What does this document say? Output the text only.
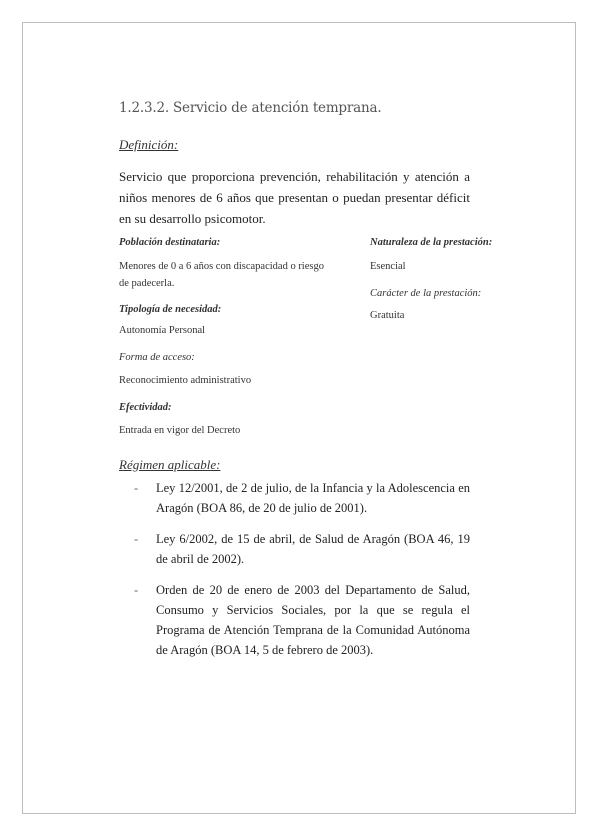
1.2.3.2. Servicio de atención temprana.
Definición:
Servicio que proporciona prevención, rehabilitación y atención a niños menores de 6 años que presentan o puedan presentar déficit en su desarrollo psicomotor.
Población destinataria:
Menores de 0 a 6 años con discapacidad o riesgo de padecerla.
Tipología de necesidad:
Autonomía Personal
Forma de acceso:
Reconocimiento administrativo
Efectividad:
Entrada en vigor del Decreto
Naturaleza de la prestación:
Esencial
Carácter de la prestación:
Gratuita
Régimen aplicable:
- Ley 12/2001, de 2 de julio, de la Infancia y la Adolescencia en Aragón (BOA 86, de 20 de julio de 2001).
- Ley 6/2002, de 15 de abril, de Salud de Aragón (BOA 46, 19 de abril de 2002).
- Orden de 20 de enero de 2003 del Departamento de Salud, Consumo y Servicios Sociales, por la que se regula el Programa de Atención Temprana de la Comunidad Autónoma de Aragón (BOA 14, 5 de febrero de 2003).
